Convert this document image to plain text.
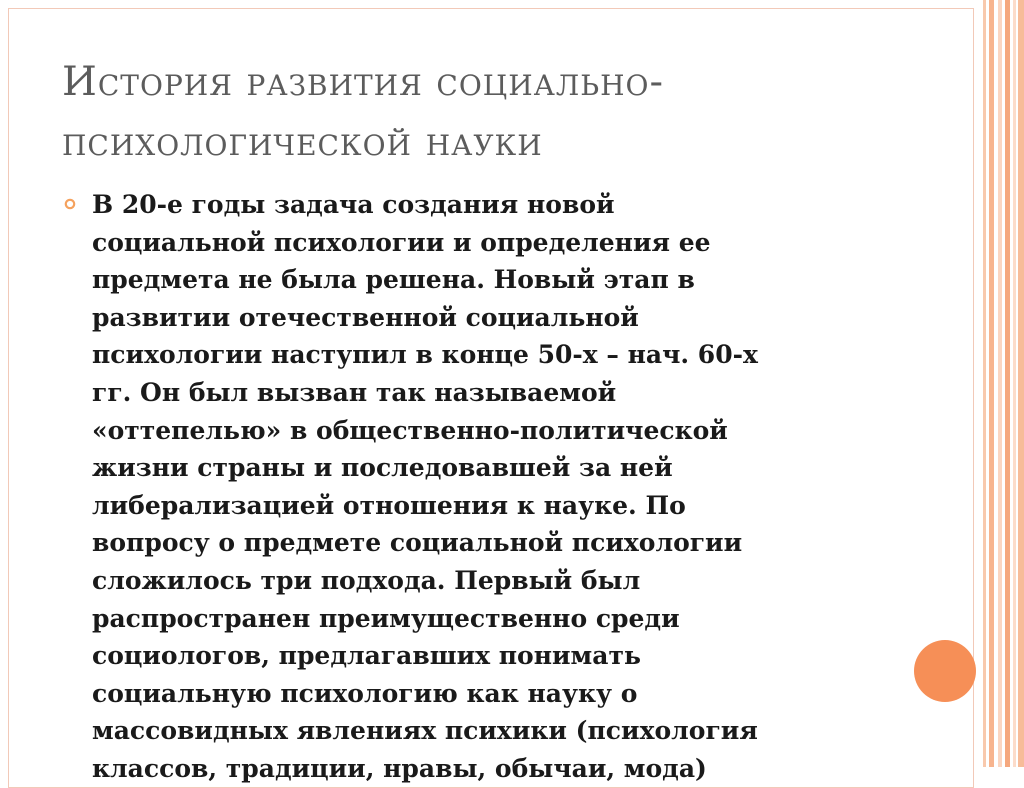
История развития социально-
психологической науки

В 20-е годы задача создания новой
социальной психологии и определения ее
предмета не была решена. Новый этап в
развитии отечественной социальной
психологии наступил в конце 50-х – нач. 60-х
гг. Он был вызван так называемой
«оттепелью» в общественно-политической
жизни страны и последовавшей за ней
либерализацией отношения к науке. По
вопросу о предмете социальной психологии
сложилось три подхода. Первый был
распространен преимущественно среди
социологов, предлагавших понимать
социальную психологию как науку о
массовидных явлениях психики (психология
классов, традиции, нравы, обычаи, мода)
